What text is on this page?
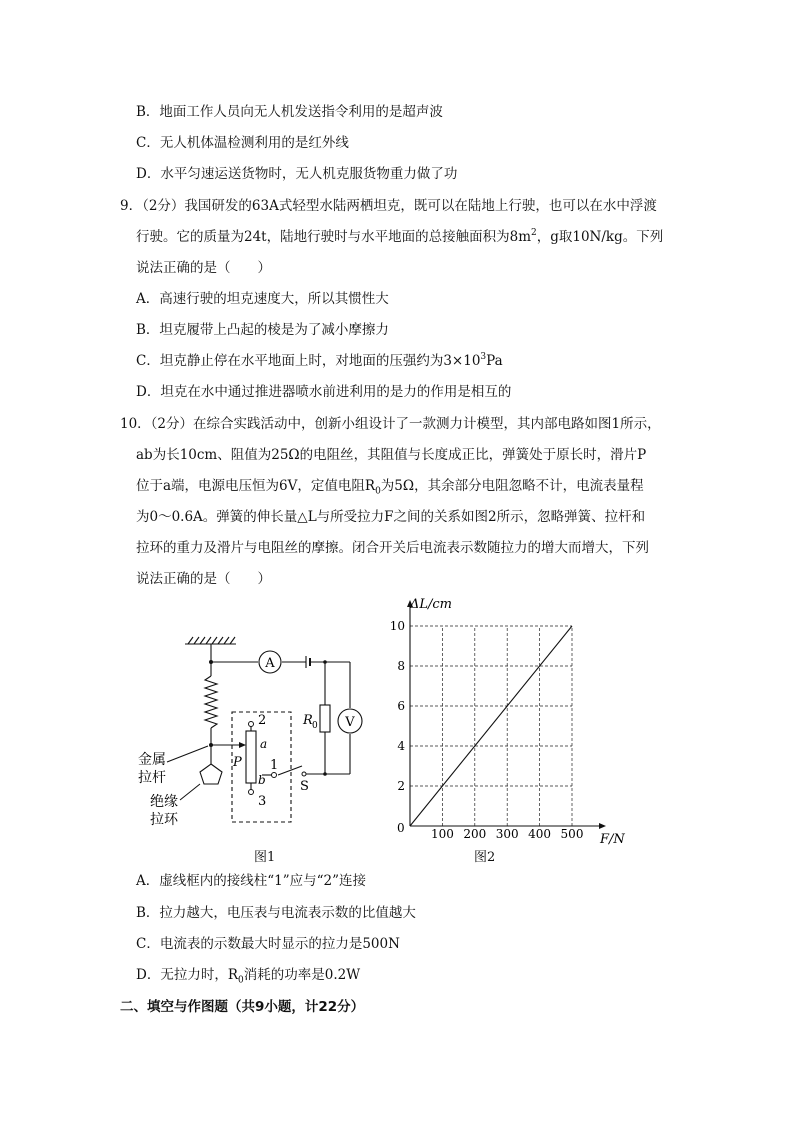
B．地面工作人员向无人机发送指令利用的是超声波
C．无人机体温检测利用的是红外线
D．水平匀速运送货物时，无人机克服货物重力做了功
9．（2分）我国研发的63A式轻型水陆两栖坦克，既可以在陆地上行驶，也可以在水中浮渡
行驶。它的质量为24t，陆地行驶时与水平地面的总接触面积为$8m^2$，g取10N/kg。下列
说法正确的是（　　）
A．高速行驶的坦克速度大，所以其惯性大
B．坦克履带上凸起的棱是为了减小摩擦力
C．坦克静止停在水平地面上时，对地面的压强约为$3\times 10^3Pa$
D．坦克在水中通过推进器喷水前进利用的是力的作用是相互的
10．（2分）在综合实践活动中，创新小组设计了一款测力计模型，其内部电路如图1所示，
ab为长10cm、阻值为25Ω的电阻丝，其阻值与长度成正比，弹簧处于原长时，滑片P
位于a端，电源电压恒为6V，定值电阻$R_0$为5Ω，其余部分电阻忽略不计，电流表量程
为0～0.6A。弹簧的伸长量△L与所受拉力F之间的关系如图2所示，忽略弹簧、拉杆和
拉环的重力及滑片与电阻丝的摩擦。闭合开关后电流表示数随拉力的增大而增大，下列
说法正确的是（　　）
A
V
R 0
2
a
1
b
3
P
S
金属
拉杆
绝缘
拉环
图1
100 200 300 400 500
2
4
6
8
10
ΔL/cm
F/N
0
图2
A．虚线框内的接线柱“1”应与“2”连接
B．拉力越大，电压表与电流表示数的比值越大
C．电流表的示数最大时显示的拉力是500N
D．无拉力时，$R_0$消耗的功率是0.2W
二、填空与作图题（共9小题，计22分）
